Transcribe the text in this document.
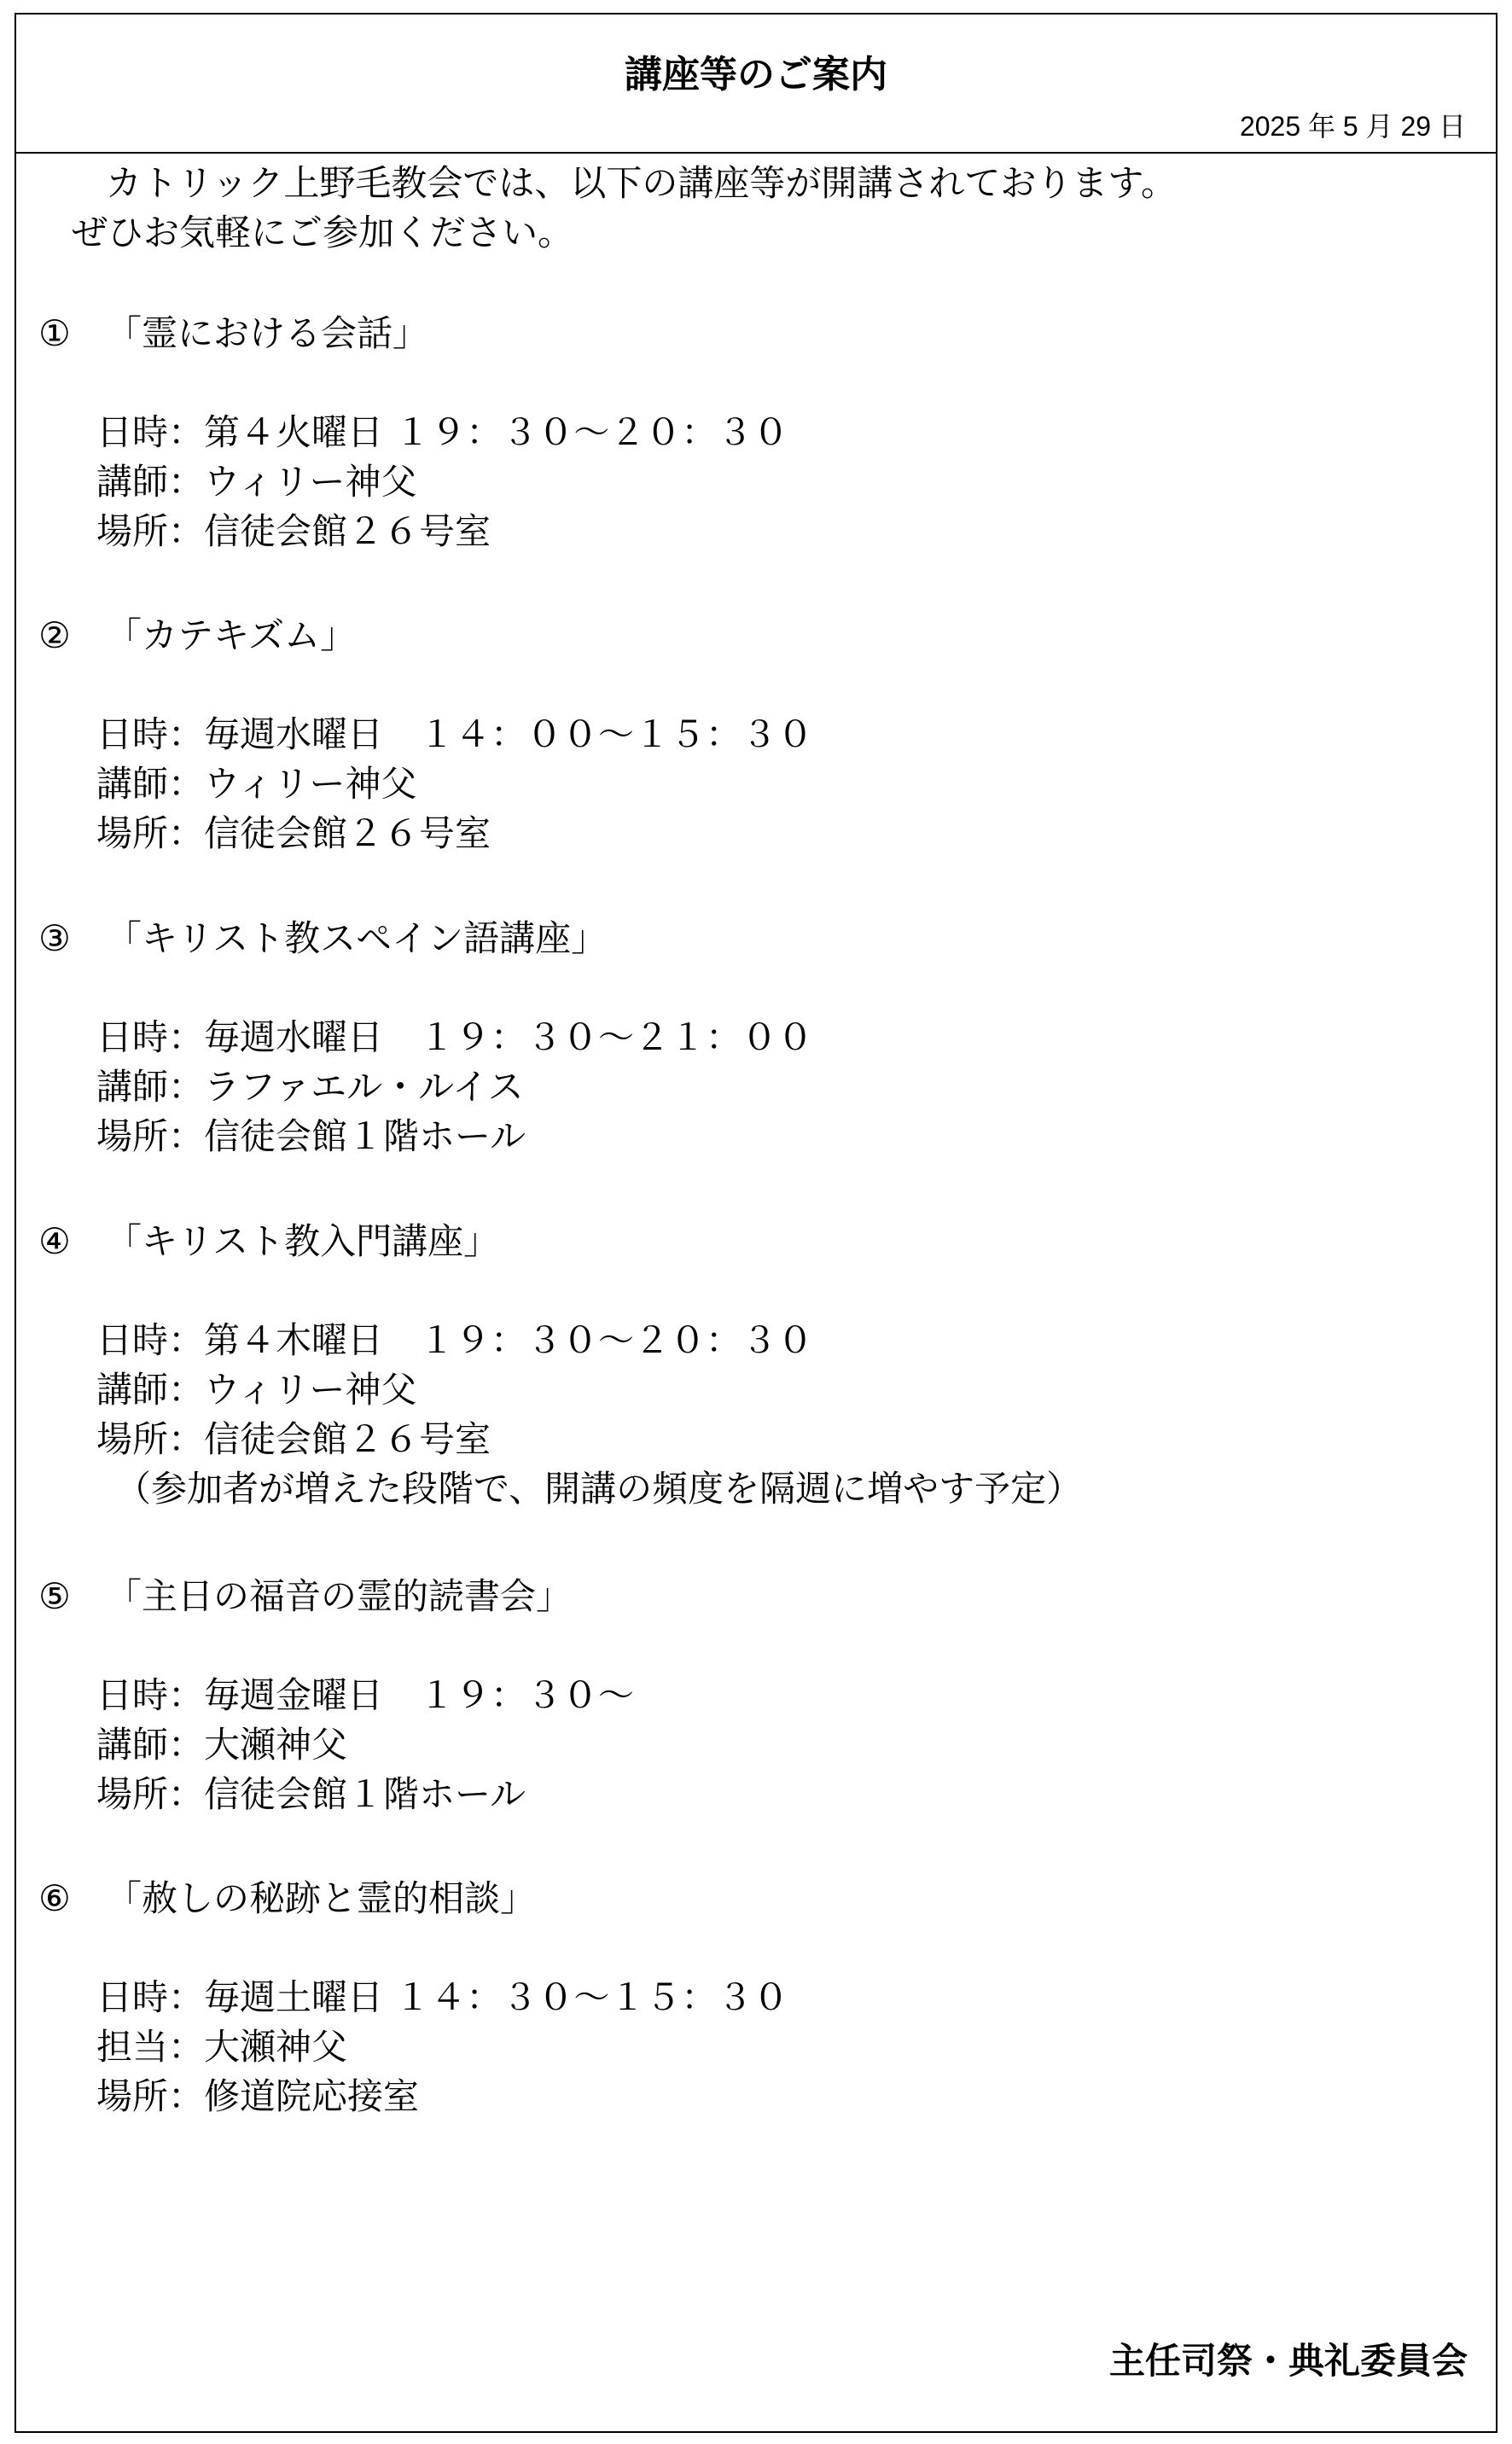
講座等のご案内
2025 年 5 月 29 日
カトリック上野毛教会では、以下の講座等が開講されております。
ぜひお気軽にご参加ください。
① 「霊における会話」
日時：第４火曜日 １９：３０～２０：３０
講師：ウィリー神父
場所：信徒会館２６号室
② 「カテキズム」
日時：毎週水曜日　１４：００～１５：３０
講師：ウィリー神父
場所：信徒会館２６号室
③ 「キリスト教スペイン語講座」
日時：毎週水曜日　１９：３０～２１：００
講師：ラファエル・ルイス
場所：信徒会館１階ホール
④ 「キリスト教入門講座」
日時：第４木曜日　１９：３０～２０：３０
講師：ウィリー神父
場所：信徒会館２６号室
（参加者が増えた段階で、開講の頻度を隔週に増やす予定）
⑤ 「主日の福音の霊的読書会」
日時：毎週金曜日　１９：３０～
講師：大瀬神父
場所：信徒会館１階ホール
⑥ 「赦しの秘跡と霊的相談」
日時：毎週土曜日 １４：３０～１５：３０
担当：大瀬神父
場所：修道院応接室
主任司祭・典礼委員会
